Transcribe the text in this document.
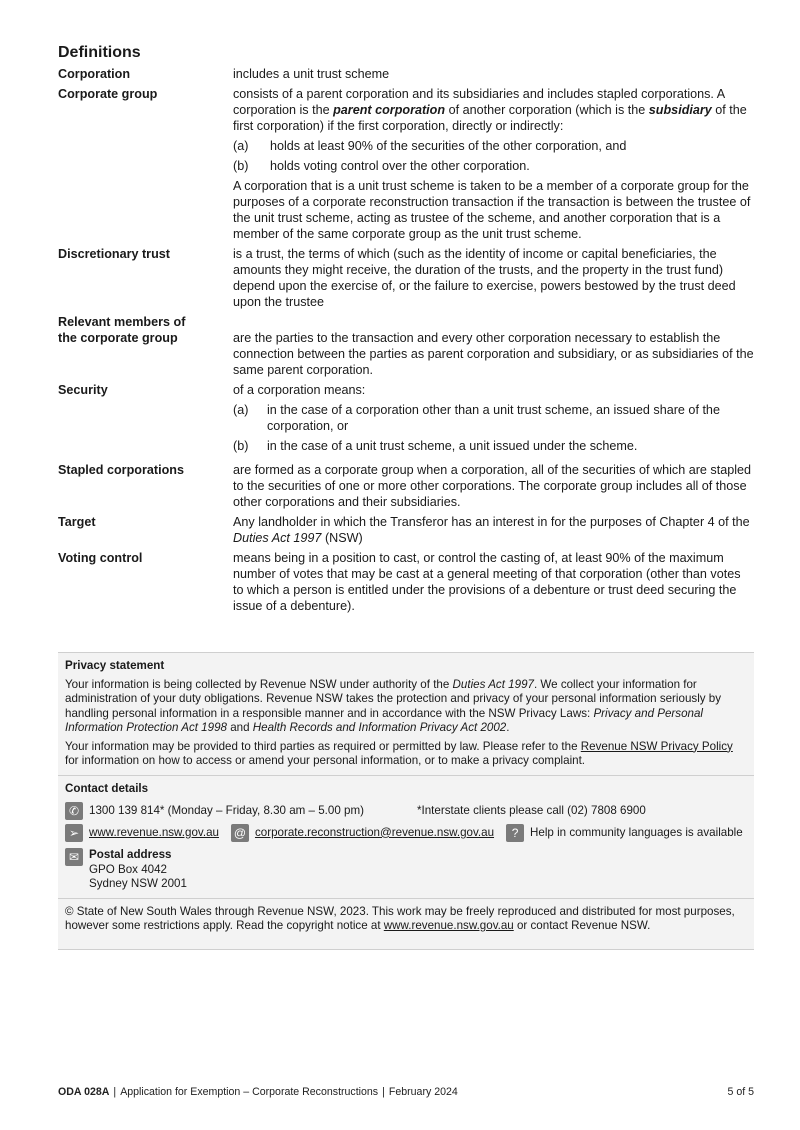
Definitions
Corporation	includes a unit trust scheme
Corporate group	consists of a parent corporation and its subsidiaries and includes stapled corporations. A corporation is the parent corporation of another corporation (which is the subsidiary of the first corporation) if the first corporation, directly or indirectly:

(a)	holds at least 90% of the securities of the other corporation, and
(b)	holds voting control over the other corporation.

A corporation that is a unit trust scheme is taken to be a member of a corporate group for the purposes of a corporate reconstruction transaction if the transaction is between the trustee of the unit trust scheme, acting as trustee of the scheme, and another corporation that is a member of the same corporate group as the unit trust scheme.

Discretionary trust	is a trust, the terms of which (such as the identity of income or capital beneficiaries, the amounts they might receive, the duration of the trusts, and the property in the trust fund) depend upon the exercise of, or the failure to exercise, powers bestowed by the trust deed upon the trustee
Relevant members of
the corporate group	are the parties to the transaction and every other corporation necessary to establish the connection between the parties as parent corporation and subsidiary, or as subsidiaries of the same parent corporation.
Security	of a corporation means:

(a)	in the case of a corporation other than a unit trust scheme, an issued share of the corporation, or
(b)	in the case of a unit trust scheme, a unit issued under the scheme.
Stapled corporations	are formed as a corporate group when a corporation, all of the securities of which are stapled to the securities of one or more other corporations. The corporate group includes all of those other corporations and their subsidiaries.
Target	Any landholder in which the Transferor has an interest in for the purposes of Chapter 4 of the Duties Act 1997 (NSW)
Voting control	means being in a position to cast, or control the casting of, at least 90% of the maximum number of votes that may be cast at a general meeting of that corporation (other than votes to which a person is entitled under the provisions of a debenture or trust deed securing the issue of a debenture).
Privacy statement

Your information is being collected by Revenue NSW under authority of the Duties Act 1997. We collect your information for administration of your duty obligations. Revenue NSW takes the protection and privacy of your personal information seriously by handling personal information in a responsible manner and in accordance with the NSW Privacy Laws: Privacy and Personal Information Protection Act 1998 and Health Records and Information Privacy Act 2002.

Your information may be provided to third parties as required or permitted by law. Please refer to the Revenue NSW Privacy Policy for information on how to access or amend your personal information, or to make a privacy complaint.

Contact details
✆ 1300 139 814* (Monday – Friday, 8.30 am – 5.00 pm)	*Interstate clients please call (02) 7808 6900
➢ www.revenue.nsw.gov.au @ corporate.reconstruction@revenue.nsw.gov.au	?	Help in community languages is available
✉ Postal address
GPO Box 4042
Sydney NSW 2001

© State of New South Wales through Revenue NSW, 2023. This work may be freely reproduced and distributed for most purposes, however some restrictions apply. Read the copyright notice at www.revenue.nsw.gov.au or contact Revenue NSW.

ODA 028A | Application for Exemption – Corporate Reconstructions | February 2024	5 of 5
